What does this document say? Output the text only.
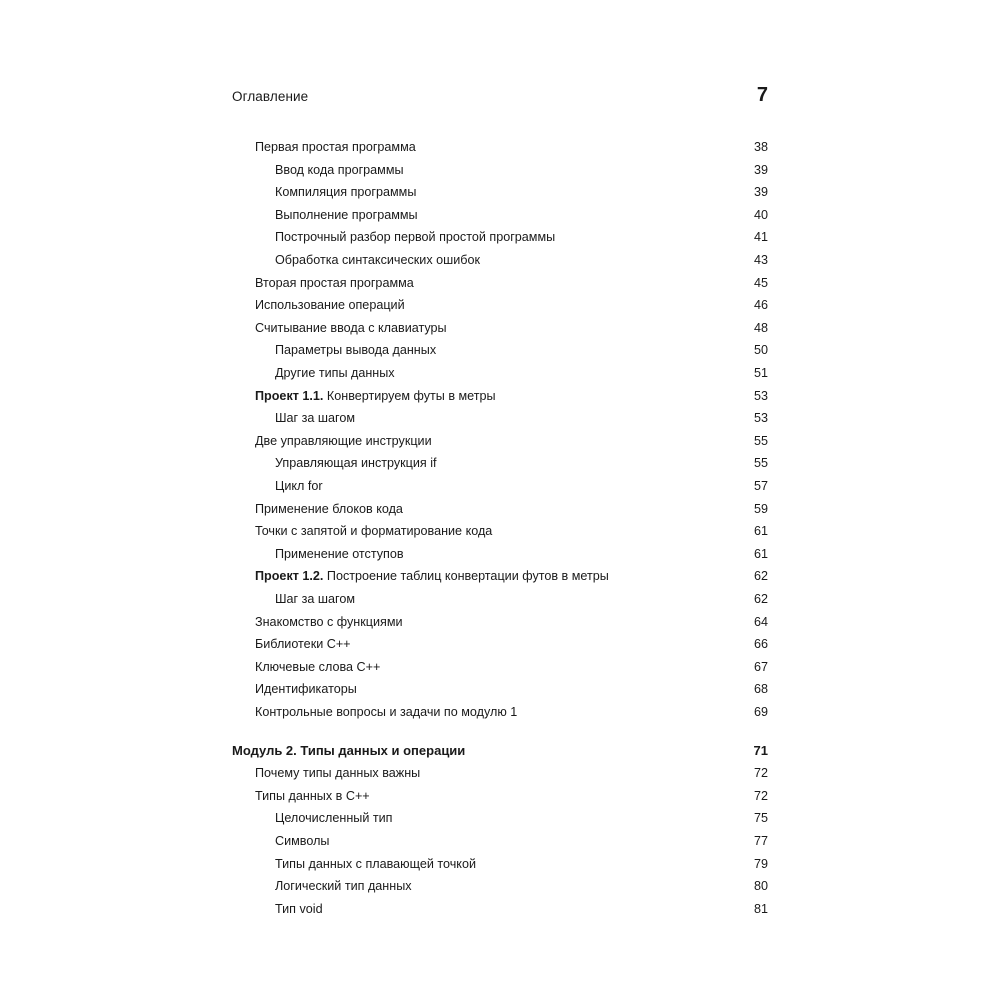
Оглавление	7
Первая простая программа	38
Ввод кода программы	39
Компиляция программы	39
Выполнение программы	40
Построчный разбор первой простой программы	41
Обработка синтаксических ошибок	43
Вторая простая программа	45
Использование операций	46
Считывание ввода с клавиатуры	48
Параметры вывода данных	50
Другие типы данных	51
Проект 1.1. Конвертируем футы в метры	53
Шаг за шагом	53
Две управляющие инструкции	55
Управляющая инструкция if	55
Цикл for	57
Применение блоков кода	59
Точки с запятой и форматирование кода	61
Применение отступов	61
Проект 1.2. Построение таблиц конвертации футов в метры	62
Шаг за шагом	62
Знакомство с функциями	64
Библиотеки С++	66
Ключевые слова С++	67
Идентификаторы	68
Контрольные вопросы и задачи по модулю 1	69
Модуль 2. Типы данных и операции	71
Почему типы данных важны	72
Типы данных в С++	72
Целочисленный тип	75
Символы	77
Типы данных с плавающей точкой	79
Логический тип данных	80
Тип void	81
